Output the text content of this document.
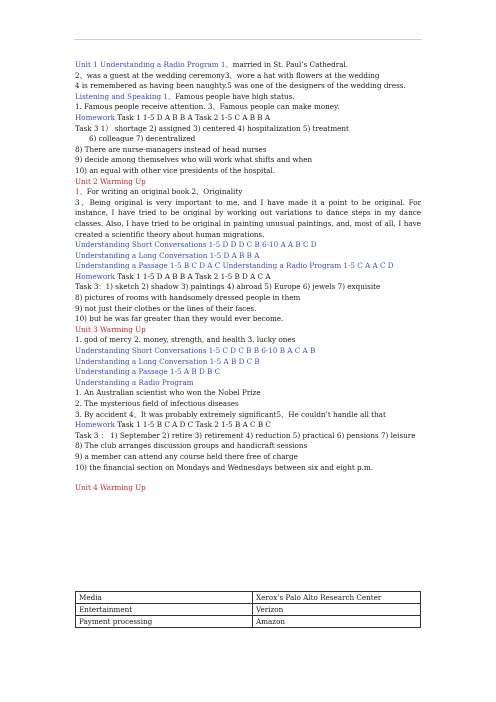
Unit 1 Understanding a Radio Program 1、married in St. Paul’s Cathedral.
2、was a guest at the wedding ceremony3、wore a hat with flowers at the wedding
4 is remembered as having been naughty.5 was one of the designers of the wedding dress.
Listening and Speaking 1、Famous people have high status.
1. Famous people receive attention. 3、Famous people can make money.
Homework Task 1 1-5 D A B B A Task 2 1-5 C A B B A
Task 3 1） shortage 2) assigned 3) centered 4) hospitalization 5) treatment
6) colleague 7) decentralized
8) There are nurse-managers instead of head nurses
9) decide among themselves who will work what shifts and when
10) an equal with other vice presidents of the hospital.
Unit 2 Warming Up
1、For writing an original book 2、Originality
3、Being original is very important to me, and I have made it a point to be original. For instance, I have tried to be original by working out variations to dance steps in my dance classes. Also, I have tried to be original in painting unusual paintings, and, most of all, I have created a scientific theory about human migrations.
Understanding Short Conversations 1-5 D D D C B 6-10 A A B C D
Understanding a Long Conversation 1-5 D A B B A
Understanding a Passage 1-5 B C D A C Understanding a Radio Program 1-5 C A A C D
Homework Task 1 1-5 D A B B A Task 2 1-5 B D A C A
Task 3：1) sketch 2) shadow 3) paintings 4) abroad 5) Europe 6) jewels 7) exquisite
8) pictures of rooms with handsomely dressed people in them
9) not just their clothes or the lines of their faces.
10) but he was far greater than they would ever become.
Unit 3 Warming Up
1. god of mercy 2. money, strength, and health 3. lucky ones
Understanding Short Conversations 1-5 C D C B B 6-10 B A C A B
Understanding a Long Conversation 1-5 A B D C B
Understanding a Passage 1-5 A B D B C
Understanding a Radio Program
1. An Australian scientist who won the Nobel Prize
2. The mysterious field of infectious diseases
3. By accident 4、It was probably extremely significant5、He couldn’t handle all that
Homework Task 1 1-5 B C A D C Task 2 1-5 B A C B C
Task 3 ： 1) September 2) retire 3) retirement 4) reduction 5) practical 6) pensions 7) leisure
8) The club arranges discussion groups and handicraft sessions
9) a member can attend any course held there free of charge
10) the financial section on Mondays and Wednesdays between six and eight p.m.
Unit 4 Warming Up
Media	Xerox’s Palo Alto Research Center
Entertainment	Verizon
Payment processing	Amazon
